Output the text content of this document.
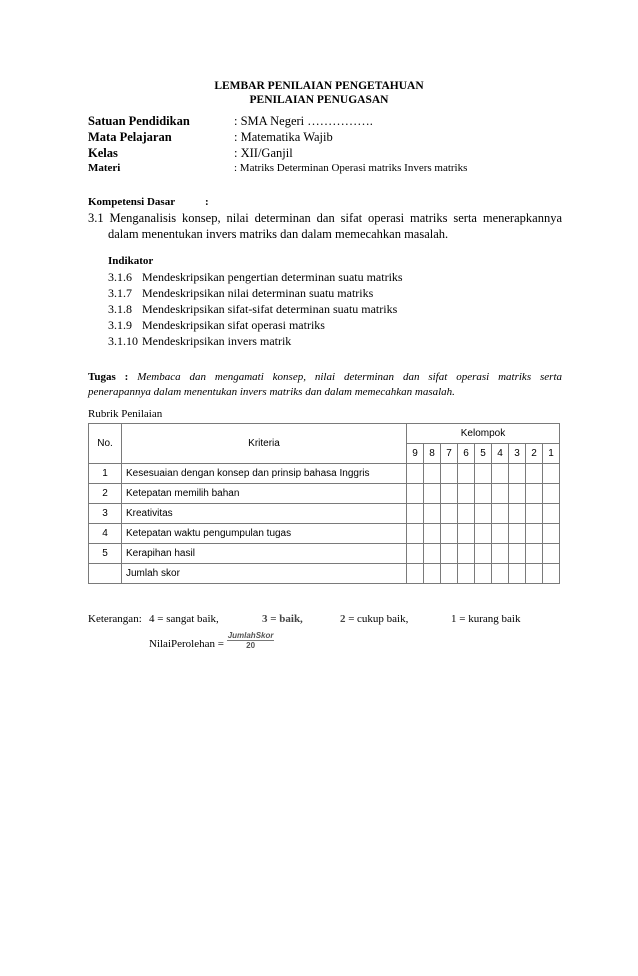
LEMBAR PENILAIAN PENGETAHUAN
PENILAIAN PENUGASAN
Satuan Pendidikan	: SMA Negeri …………….
Mata Pelajaran	: Matematika Wajib
Kelas	: XII/Ganjil
Materi	: Matriks Determinan Operasi matriks Invers matriks
Kompetensi Dasar	:
3.1 Menganalisis konsep, nilai determinan dan sifat operasi matriks serta menerapkannya
dalam menentukan invers matriks dan dalam memecahkan masalah.
Indikator
3.1.6 Mendeskripsikan pengertian determinan suatu matriks
3.1.7 Mendeskripsikan nilai determinan suatu matriks
3.1.8 Mendeskripsikan sifat-sifat determinan suatu matriks
3.1.9 Mendeskripsikan sifat operasi matriks
3.1.10 Mendeskripsikan invers matrik
Tugas : Membaca dan mengamati konsep, nilai determinan dan sifat operasi matriks serta
penerapannya dalam menentukan invers matriks dan dalam memecahkan masalah.
Rubrik Penilaian
No.	Kriteria	Kelompok								
		9	8	7	6	5	4	3	2	1
1	Kesesuaian dengan konsep dan prinsip bahasa Inggris									
2	Ketepatan memilih bahan									
3	Kreativitas									
4	Ketepatan waktu pengumpulan tugas									
5	Kerapihan hasil									
	Jumlah skor									
Keterangan: 4 = sangat baik,	3 = baik,	2 = cukup baik,	1 = kurang baik
NilaiPerolehan = $\frac{\text{JumlahSkor}}{20}$
